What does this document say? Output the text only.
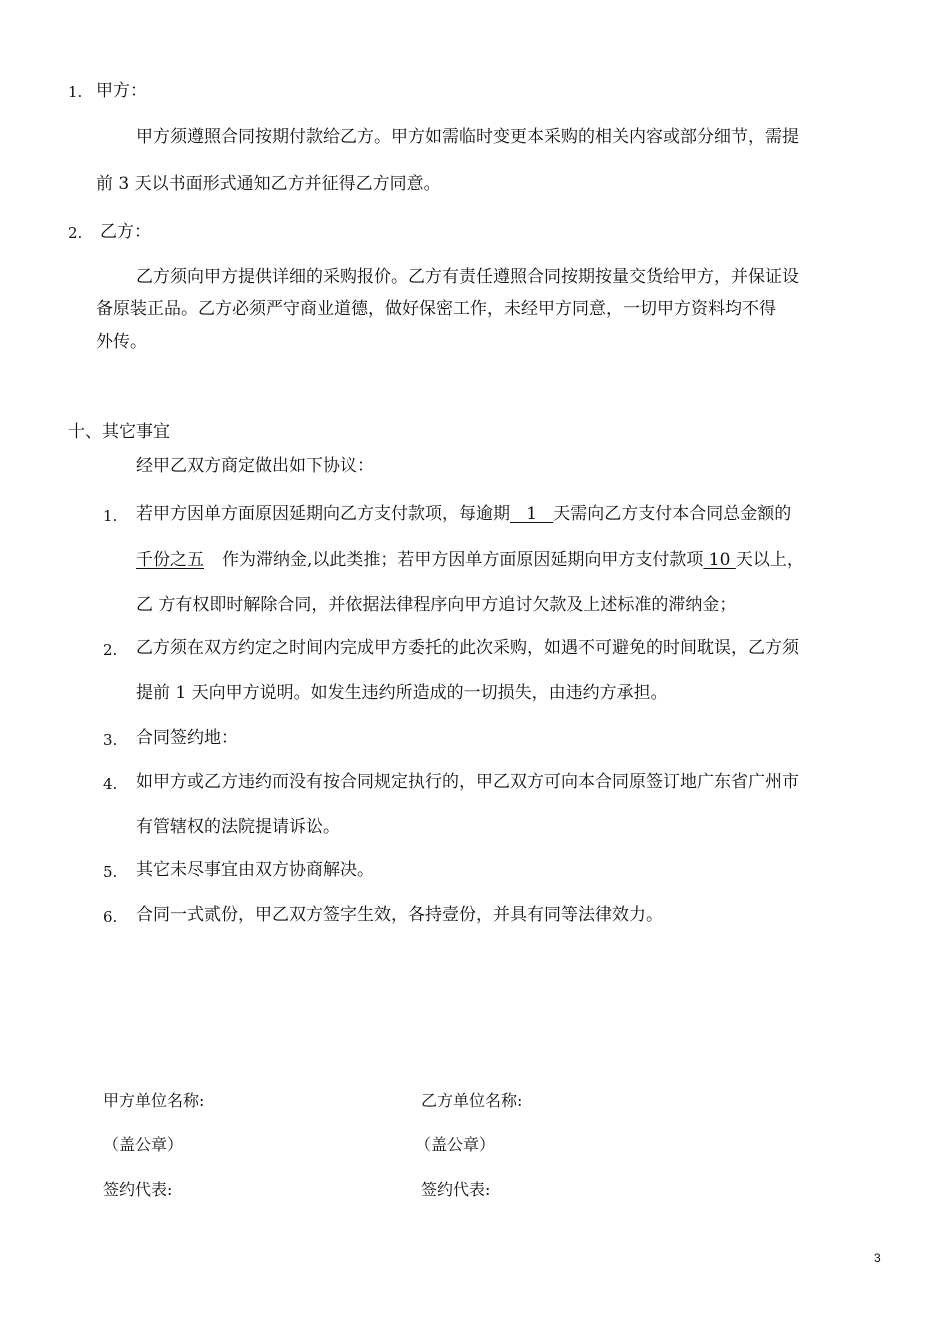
1. 甲方：
甲方须遵照合同按期付款给乙方。甲方如需临时变更本采购的相关内容或部分细节，需提
前 3 天以书面形式通知乙方并征得乙方同意。
2. 乙方：
乙方须向甲方提供详细的采购报价。乙方有责任遵照合同按期按量交货给甲方，并保证设
备原装正品。乙方必须严守商业道德，做好保密工作，未经甲方同意，一切甲方资料均不得
外传。
十、其它事宜
经甲乙双方商定做出如下协议：
1. 若甲方因单方面原因延期向乙方支付款项，每逾期   1   天需向乙方支付本合同总金额的
千份之五 作为滞纳金,以此类推；若甲方因单方面原因延期向甲方支付款项 10 天以上，
乙 方有权即时解除合同，并依据法律程序向甲方追讨欠款及上述标准的滞纳金；
2. 乙方须在双方约定之时间内完成甲方委托的此次采购，如遇不可避免的时间耽误，乙方须
提前 1 天向甲方说明。如发生违约所造成的一切损失，由违约方承担。
3. 合同签约地：
4. 如甲方或乙方违约而没有按合同规定执行的，甲乙双方可向本合同原签订地广东省广州市
有管辖权的法院提请诉讼。
5. 其它未尽事宜由双方协商解决。
6. 合同一式贰份，甲乙双方签字生效，各持壹份，并具有同等法律效力。
甲方单位名称:
（盖公章）
签约代表:
乙方单位名称:
（盖公章）
签约代表:
3
